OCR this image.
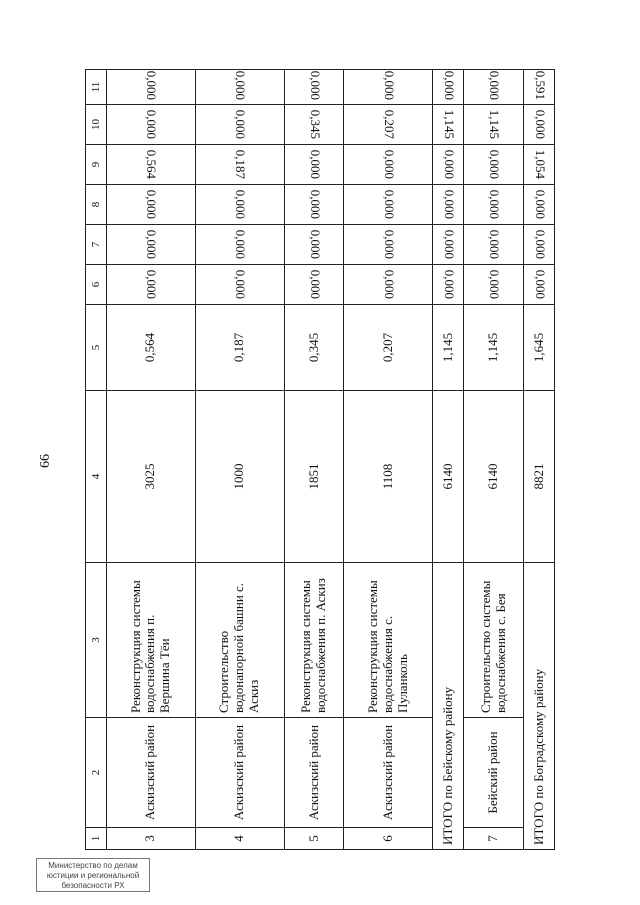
66
1	2	3	4	5	6	7	8	9	10	11
3	Аскизский район	Реконструкция системы водоснабжения п. Вершина Тёи	3025	0,564	0,000	0,000	0,000	0,564	0,000	0,000
4	Аскизский район	Строительство водонапорной башни с. Аскиз	1000	0,187	0,000	0,000	0,000	0,187	0,000	0,000
5	Аскизский район	Реконструкция системы водоснабжения п. Аскиз	1851	0,345	0,000	0,000	0,000	0,000	0,345	0,000
6	Аскизский район	Реконструкция системы водоснабжения с. Пуланколь	1108	0,207	0,000	0,000	0,000	0,000	0,207	0,000
ИТОГО по Бейскому району			6140	1,145	0,000	0,000	0,000	0,000	1,145	0,000
7	Бейский район	Строительство системы водоснабжения с. Бея	6140	1,145	0,000	0,000	0,000	0,000	1,145	0,000
ИТОГО по Боградскому району			8821	1,645	0,000	0,000	0,000	1,054	0,000	0,591
Министерство по делам
юстиции и региональной
безопасности РХ
